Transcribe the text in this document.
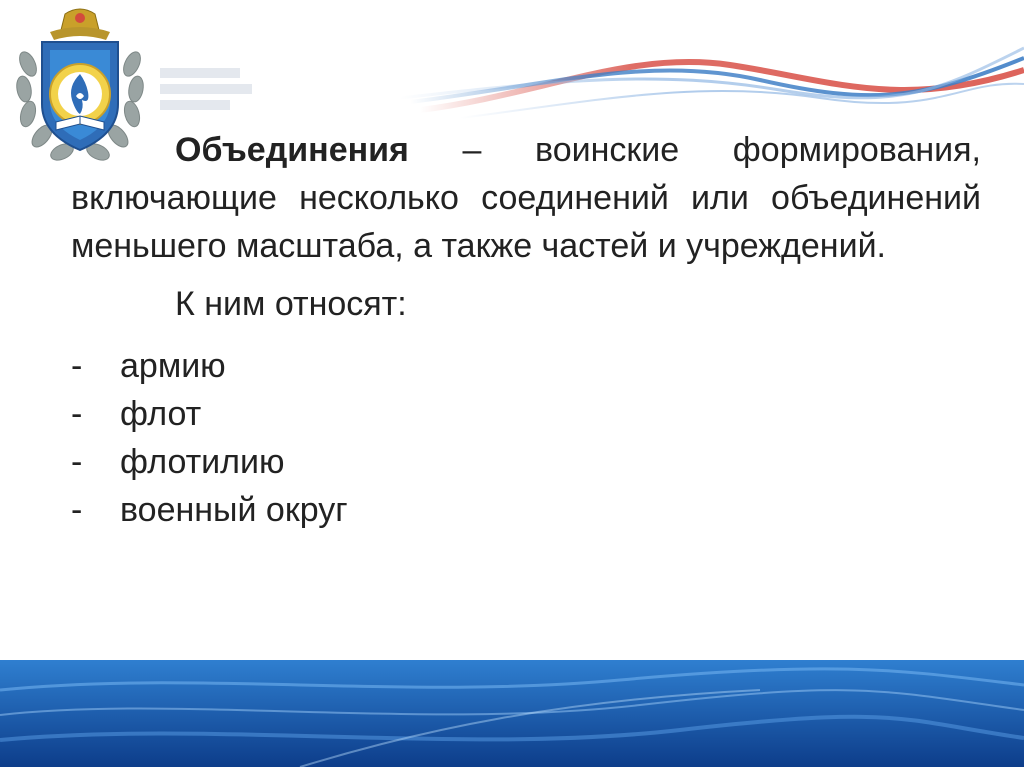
Объединения – воинские формирования, включающие несколько соединений или объединений меньшего масштаба, а также частей и учреждений.

К ним относят:
-	армию
-	флот
-	флотилию
-	военный округ
